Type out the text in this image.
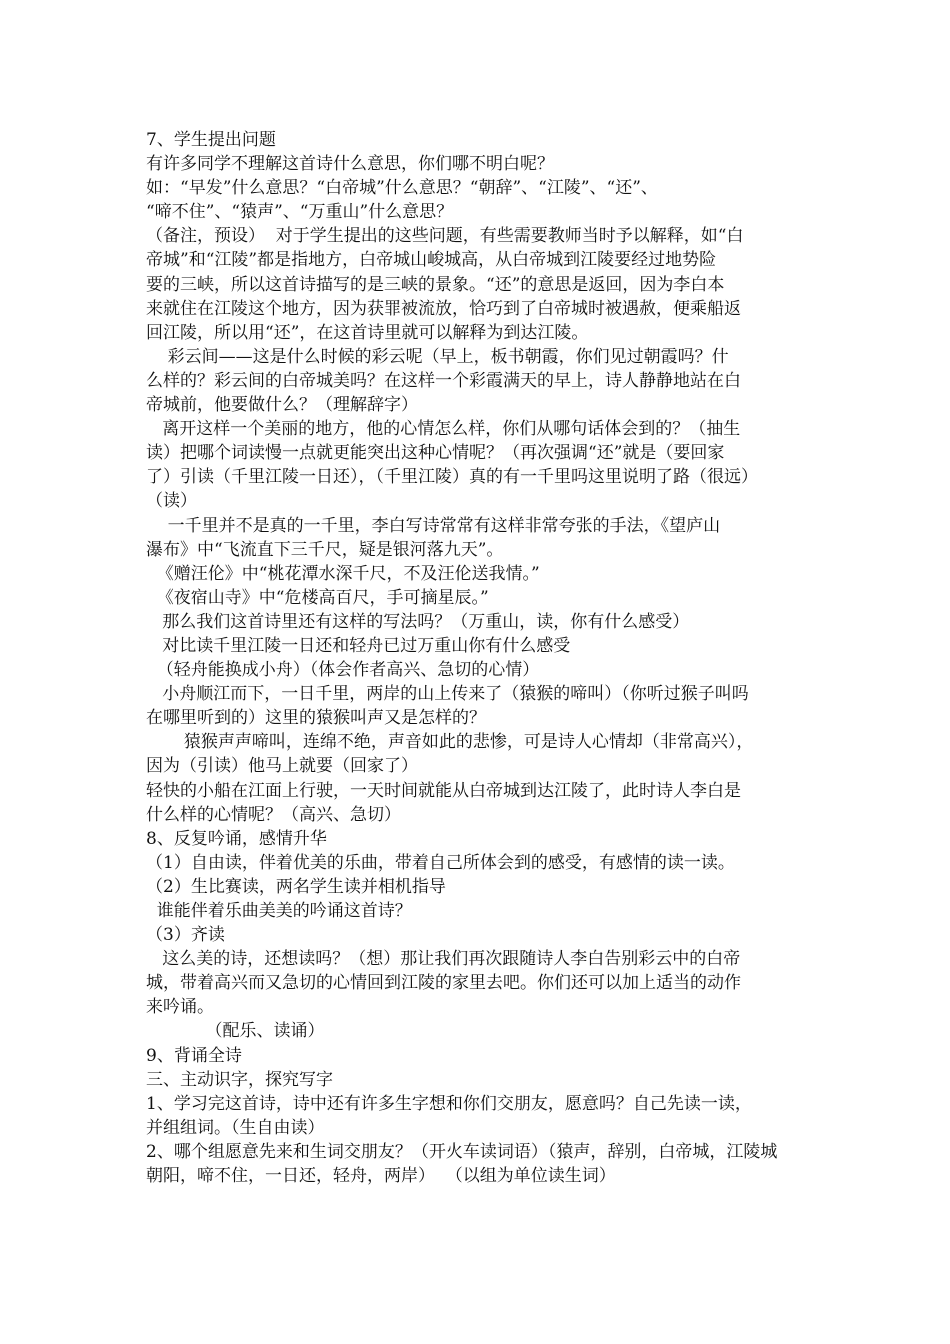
7、学生提出问题
有许多同学不理解这首诗什么意思，你们哪不明白呢？
如：“早发”什么意思？“白帝城”什么意思？“朝辞”、“江陵”、“还”、
“啼不住”、“猿声”、“万重山”什么意思？
（备注，预设）  对于学生提出的这些问题，有些需要教师当时予以解释，如“白
帝城”和“江陵”都是指地方，白帝城山峻城高，从白帝城到江陵要经过地势险
要的三峡，所以这首诗描写的是三峡的景象。“还”的意思是返回，因为李白本
来就住在江陵这个地方，因为获罪被流放，恰巧到了白帝城时被遇赦，便乘船返
回江陵，所以用“还”，在这首诗里就可以解释为到达江陵。
彩云间——这是什么时候的彩云呢（早上，板书朝霞，你们见过朝霞吗？什
么样的？彩云间的白帝城美吗？在这样一个彩霞满天的早上，诗人静静地站在白
帝城前，他要做什么？（理解辞字）
离开这样一个美丽的地方，他的心情怎么样，你们从哪句话体会到的？（抽生
读）把哪个词读慢一点就更能突出这种心情呢？（再次强调“还”就是（要回家
了）引读（千里江陵一日还），（千里江陵）真的有一千里吗这里说明了路（很远）
（读）
一千里并不是真的一千里，李白写诗常常有这样非常夸张的手法，《望庐山
瀑布》中“飞流直下三千尺，疑是银河落九天”。
《赠汪伦》中“桃花潭水深千尺，不及汪伦送我情。”
《夜宿山寺》中“危楼高百尺，手可摘星辰。”
那么我们这首诗里还有这样的写法吗？（万重山，读，你有什么感受）
对比读千里江陵一日还和轻舟已过万重山你有什么感受
（轻舟能换成小舟）（体会作者高兴、急切的心情）
小舟顺江而下，一日千里，两岸的山上传来了（猿猴的啼叫）（你听过猴子叫吗
在哪里听到的）这里的猿猴叫声又是怎样的？
猿猴声声啼叫，连绵不绝，声音如此的悲惨，可是诗人心情却（非常高兴），
因为（引读）他马上就要（回家了）
轻快的小船在江面上行驶，一天时间就能从白帝城到达江陵了，此时诗人李白是
什么样的心情呢？（高兴、急切）
8、反复吟诵，感情升华
（1）自由读，伴着优美的乐曲，带着自己所体会到的感受，有感情的读一读。
（2）生比赛读，两名学生读并相机指导
谁能伴着乐曲美美的吟诵这首诗？
（3）齐读
这么美的诗，还想读吗？（想）那让我们再次跟随诗人李白告别彩云中的白帝
城，带着高兴而又急切的心情回到江陵的家里去吧。你们还可以加上适当的动作
来吟诵。
（配乐、读诵）
9、背诵全诗
三、主动识字，探究写字
1、学习完这首诗，诗中还有许多生字想和你们交朋友，愿意吗？自己先读一读，
并组组词。（生自由读）
2、哪个组愿意先来和生词交朋友？（开火车读词语）（猿声，辞别，白帝城，江陵城
朝阳，啼不住，一日还，轻舟，两岸）  （以组为单位读生词）
